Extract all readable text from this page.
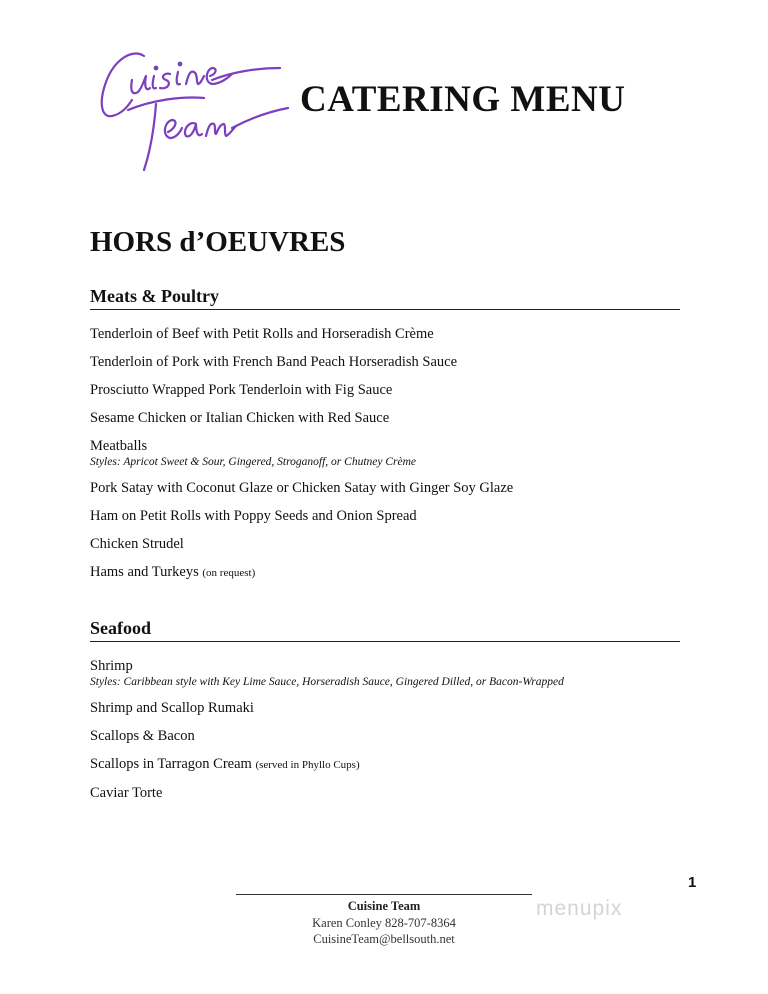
CATERING MENU
HORS d’OEUVRES
Meats & Poultry
Tenderloin of Beef with Petit Rolls and Horseradish Crème
Tenderloin of Pork with French Band Peach Horseradish Sauce
Prosciutto Wrapped Pork Tenderloin with Fig Sauce
Sesame Chicken or Italian Chicken with Red Sauce
Meatballs
Styles: Apricot Sweet & Sour, Gingered, Stroganoff, or Chutney Crème
Pork Satay with Coconut Glaze or Chicken Satay with Ginger Soy Glaze
Ham on Petit Rolls with Poppy Seeds and Onion Spread
Chicken Strudel
Hams and Turkeys (on request)
Seafood
Shrimp
Styles: Caribbean style with Key Lime Sauce, Horseradish Sauce, Gingered Dilled, or Bacon-Wrapped
Shrimp and Scallop Rumaki
Scallops & Bacon
Scallops in Tarragon Cream (served in Phyllo Cups)
Caviar Torte
Cuisine Team
Karen Conley 828-707-8364
CuisineTeam@bellsouth.net
1
menupix
